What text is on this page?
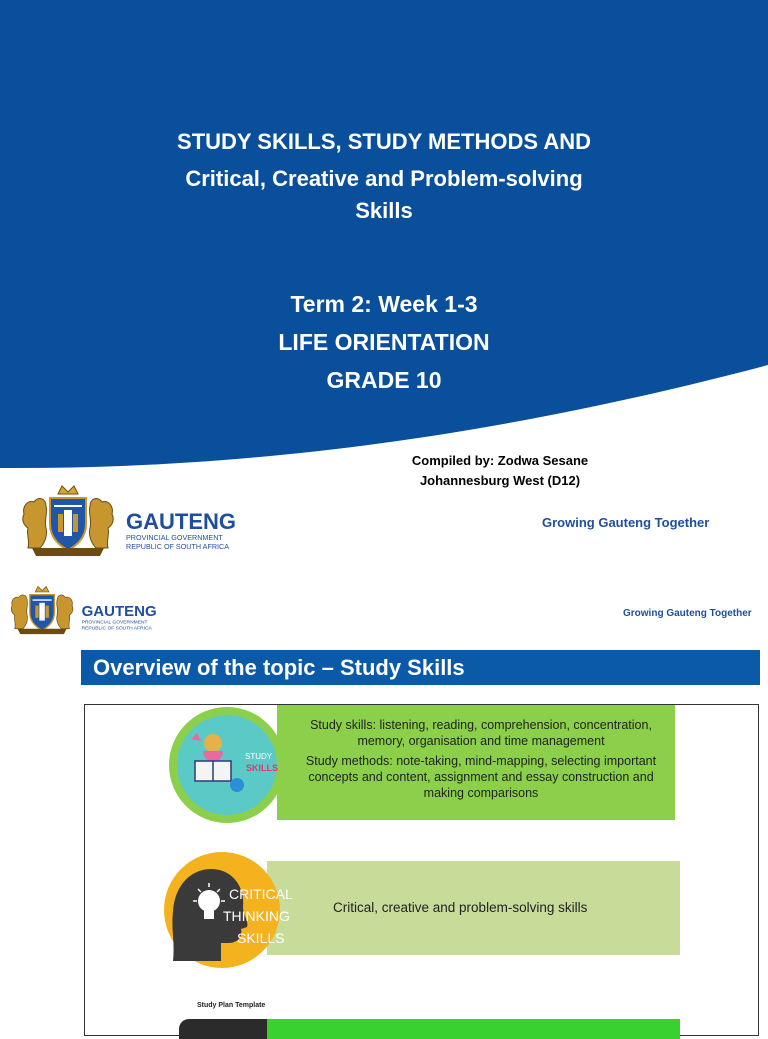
STUDY SKILLS, STUDY METHODS AND
Critical, Creative and Problem-solving
Skills
Term 2: Week 1-3
LIFE ORIENTATION
GRADE 10
Compiled by: Zodwa Sesane
Johannesburg West (D12)
GAUTENG
PROVINCIAL GOVERNMENT
REPUBLIC OF SOUTH AFRICA
Growing Gauteng Together
GAUTENG
PROVINCIAL GOVERNMENT
REPUBLIC OF SOUTH AFRICA
Growing Gauteng Together
Overview of the topic – Study Skills

Study skills: listening, reading, comprehension, concentration, memory, organisation and time management

Study methods: note-taking, mind-mapping, selecting important concepts and content, assignment and essay construction and making comparisons

STUDY
SKILLS
Critical, creative and problem-solving skills
CRITICAL
THINKING
SKILLS
Study Plan Template
